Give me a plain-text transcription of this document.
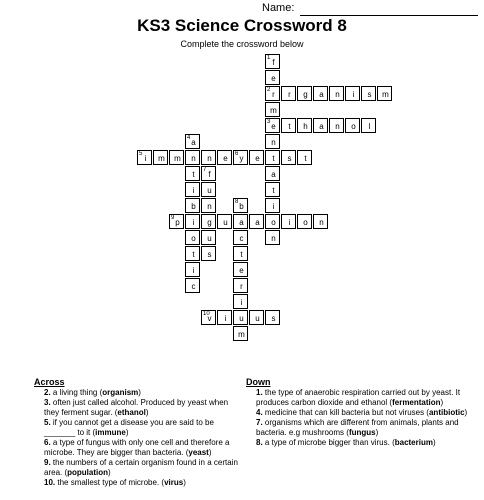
Name:
KS3 Science Crossword 8
Complete the crossword below
1 f
e
2 r
m
3 e
n
t
a
t
i
o
n
r	g	a	n	i	s	m
t	h	a	n	o	l
4 a
n
t
i
b
i
o
t
i
c
5 i	m	m	n	e	6 y	e	s	t
7 f
u
n
g
u
s
8 b
a
c
t
e
r
i
u
m
9 p	u	a	i	o	n
10
v	i	u	s
Across
2. a living thing (organism)
3. often just called alcohol. Produced by yeast when they ferment sugar. (ethanol)
5. if you cannot get a disease you are said to be _______ to it (immune)
6. a type of fungus with only one cell and therefore a microbe. They are bigger than bacteria. (yeast)
9. the numbers of a certain organism found in a certain area. (population)
10. the smallest type of microbe. (virus)
Down
1. the type of anaerobic respiration carried out by yeast. It produces carbon dioxide and ethanol (fermentation)
4. medicine that can kill bacteria but not viruses (antibiotic)
7. organisms which are different from animals, plants and bacteria. e.g mushrooms (fungus)
8. a type of microbe bigger than virus. (bacterium)
